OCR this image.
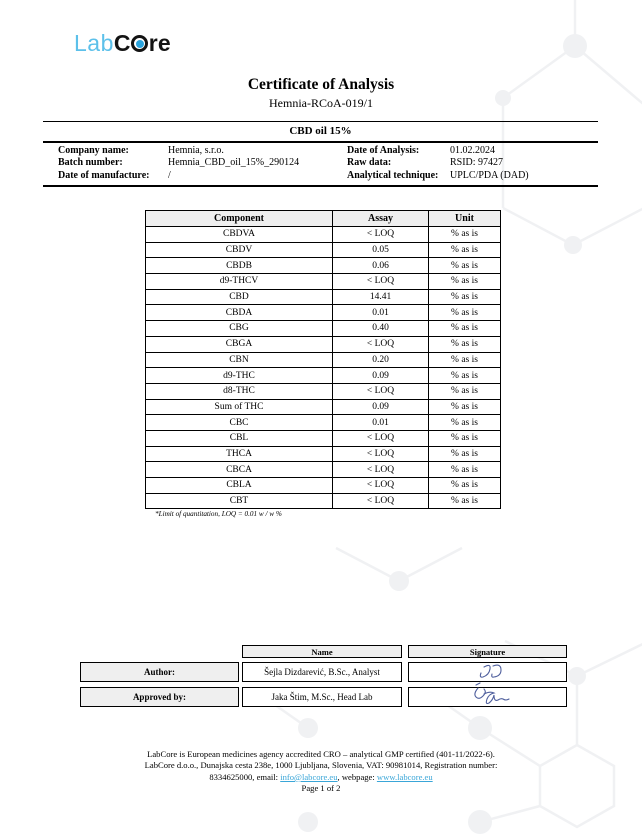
Lab C re
Certificate of Analysis
Hemnia-RCoA-019/1
CBD oil 15%
Company name:	Hemnia, s.r.o.	Date of Analysis:	01.02.2024
Batch number:	Hemnia_CBD_oil_15%_290124	Raw data:	RSID: 97427
Date of manufacture:	/	Analytical technique:	UPLC/PDA (DAD)
Component	Assay	Unit
CBDVA	< LOQ	% as is
CBDV	0.05	% as is
CBDB	0.06	% as is
d9-THCV	< LOQ	% as is
CBD	14.41	% as is
CBDA	0.01	% as is
CBG	0.40	% as is
CBGA	< LOQ	% as is
CBN	0.20	% as is
d9-THC	0.09	% as is
d8-THC	< LOQ	% as is
Sum of THC	0.09	% as is
CBC	0.01	% as is
CBL	< LOQ	% as is
THCA	< LOQ	% as is
CBCA	< LOQ	% as is
CBLA	< LOQ	% as is
CBT	< LOQ	% as is
*Limit of quantitation, LOQ = 0.01 w / w %
Name	Signature
Author:	Šejla Dizdarević, B.Sc., Analyst
Approved by:	Jaka Štim, M.Sc., Head Lab
LabCore is European medicines agency accredited CRO – analytical GMP certified (401-11/2022-6).
LabCore d.o.o., Dunajska cesta 238e, 1000 Ljubljana, Slovenia, VAT: 90981014, Registration number:
8334625000, email: info@labcore.eu, webpage: www.labcore.eu
Page 1 of 2
